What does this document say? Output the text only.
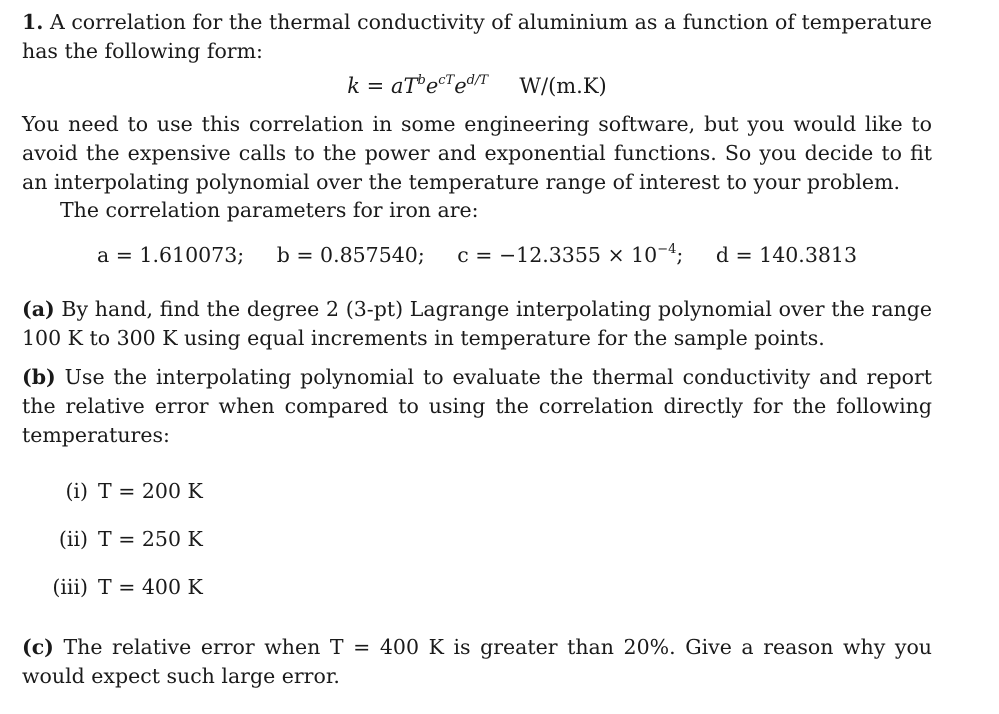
1. A correlation for the thermal conductivity of aluminium as a function of temperature has the following form:

$k = aT^be^{cT}e^{d/T}$ W/(m.K)

You need to use this correlation in some engineering software, but you would like to avoid the expensive calls to the power and exponential functions. So you decide to fit an interpolating polynomial over the temperature range of interest to your problem.

The correlation parameters for iron are:

a = 1.610073; b = 0.857540; $c = -12.3355 \times 10^{-4}$; d = 140.3813

(a) By hand, find the degree 2 (3-pt) Lagrange interpolating polynomial over the range 100 K to 300 K using equal increments in temperature for the sample points.

(b) Use the interpolating polynomial to evaluate the thermal conductivity and report the relative error when compared to using the correlation directly for the following temperatures:

(i) T = 200 K
(ii) T = 250 K
(iii) T = 400 K

(c) The relative error when T = 400 K is greater than 20%. Give a reason why you would expect such large error.
